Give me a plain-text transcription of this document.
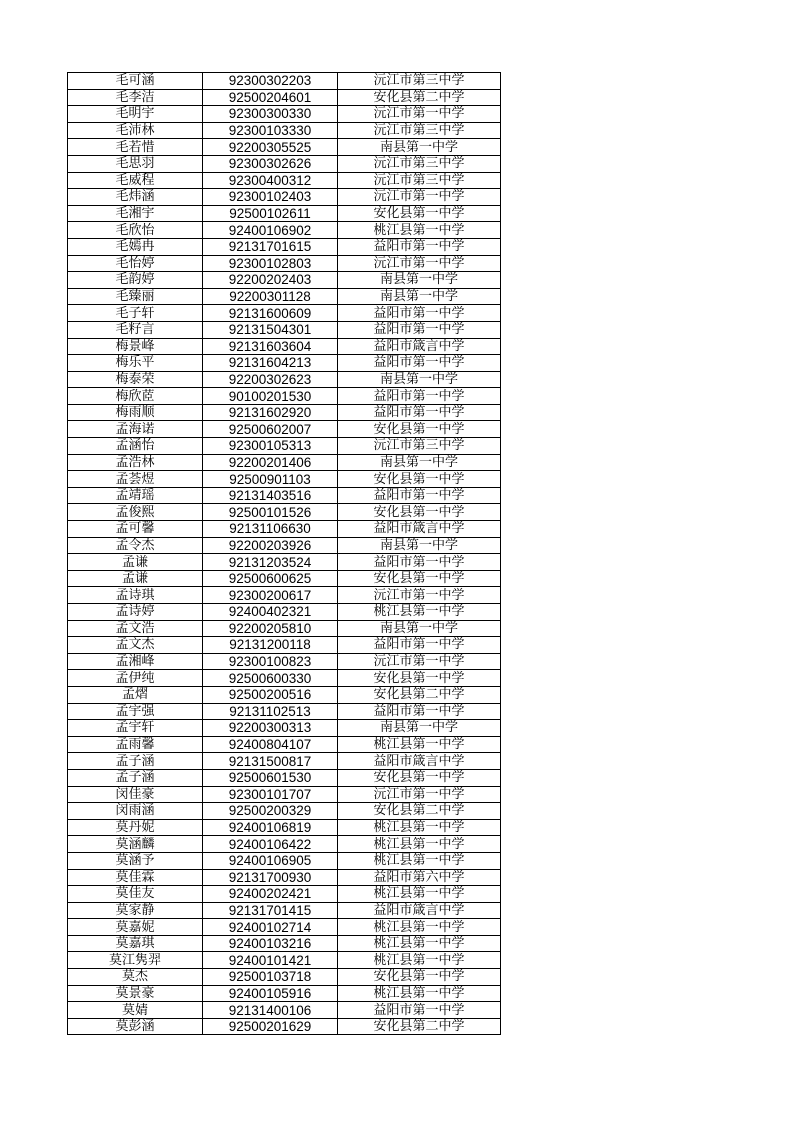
毛可涵	92300302203	沅江市第三中学
毛李洁	92500204601	安化县第二中学
毛明宇	92300300330	沅江市第一中学
毛沛林	92300103330	沅江市第三中学
毛若惜	92200305525	南县第一中学
毛思羽	92300302626	沅江市第三中学
毛威程	92300400312	沅江市第三中学
毛炜涵	92300102403	沅江市第一中学
毛湘宇	92500102611	安化县第一中学
毛欣怡	92400106902	桃江县第一中学
毛嫣冉	92131701615	益阳市第一中学
毛怡婷	92300102803	沅江市第一中学
毛韵婷	92200202403	南县第一中学
毛臻丽	92200301128	南县第一中学
毛子轩	92131600609	益阳市第一中学
毛籽言	92131504301	益阳市第一中学
梅景峰	92131603604	益阳市箴言中学
梅乐平	92131604213	益阳市第一中学
梅泰荣	92200302623	南县第一中学
梅欣茝	90100201530	益阳市第一中学
梅雨顺	92131602920	益阳市第一中学
孟海诺	92500602007	安化县第一中学
孟涵怡	92300105313	沅江市第三中学
孟浩林	92200201406	南县第一中学
孟荟煜	92500901103	安化县第一中学
孟靖瑶	92131403516	益阳市第一中学
孟俊熙	92500101526	安化县第一中学
孟可馨	92131106630	益阳市箴言中学
孟令杰	92200203926	南县第一中学
孟谦	92131203524	益阳市第一中学
孟谦	92500600625	安化县第一中学
孟诗琪	92300200617	沅江市第一中学
孟诗婷	92400402321	桃江县第一中学
孟文浩	92200205810	南县第一中学
孟文杰	92131200118	益阳市第一中学
孟湘峰	92300100823	沅江市第一中学
孟伊纯	92500600330	安化县第一中学
孟熠	92500200516	安化县第二中学
孟宇强	92131102513	益阳市第一中学
孟宇轩	92200300313	南县第一中学
孟雨馨	92400804107	桃江县第一中学
孟子涵	92131500817	益阳市箴言中学
孟子涵	92500601530	安化县第一中学
闵佳豪	92300101707	沅江市第一中学
闵雨涵	92500200329	安化县第二中学
莫丹妮	92400106819	桃江县第一中学
莫涵麟	92400106422	桃江县第一中学
莫涵予	92400106905	桃江县第一中学
莫佳霖	92131700930	益阳市第六中学
莫佳友	92400202421	桃江县第一中学
莫家静	92131701415	益阳市箴言中学
莫嘉妮	92400102714	桃江县第一中学
莫嘉琪	92400103216	桃江县第一中学
莫江隽羿	92400101421	桃江县第一中学
莫杰	92500103718	安化县第一中学
莫景豪	92400105916	桃江县第一中学
莫婧	92131400106	益阳市第一中学
莫彭涵	92500201629	安化县第二中学
